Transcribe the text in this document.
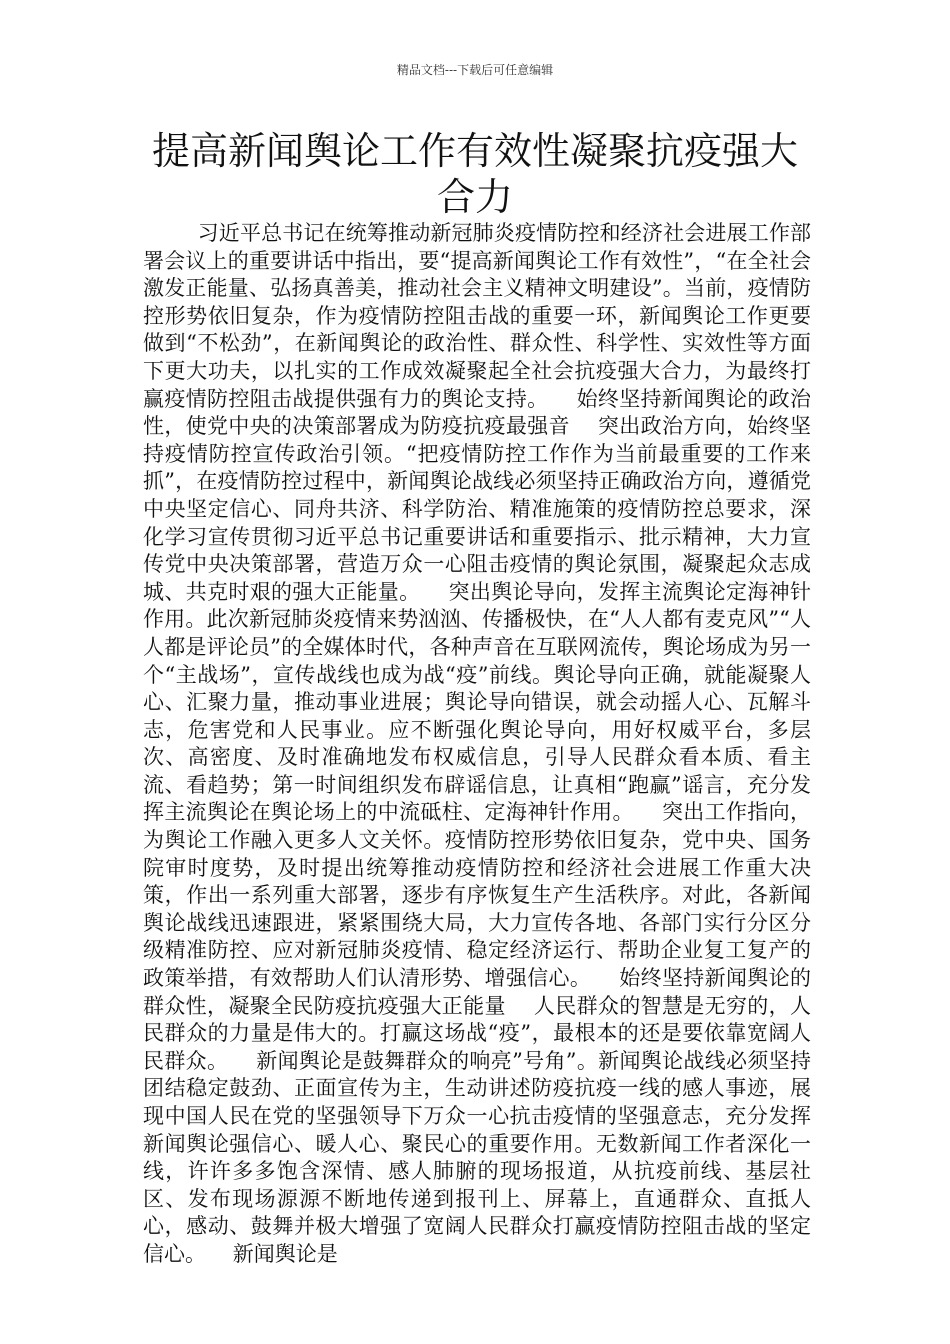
精品文档---下载后可任意编辑
提高新闻舆论工作有效性凝聚抗疫强大合力

习近平总书记在统筹推动新冠肺炎疫情防控和经济社会进展工作部署会议上的重要讲话中指出，要“提高新闻舆论工作有效性”，“在全社会激发正能量、弘扬真善美，推动社会主义精神文明建设”。当前，疫情防控形势依旧复杂，作为疫情防控阻击战的重要一环，新闻舆论工作更要做到“不松劲”，在新闻舆论的政治性、群众性、科学性、实效性等方面下更大功夫，以扎实的工作成效凝聚起全社会抗疫强大合力，为最终打赢疫情防控阻击战提供强有力的舆论支持。    始终坚持新闻舆论的政治性，使党中央的决策部署成为防疫抗疫最强音    突出政治方向，始终坚持疫情防控宣传政治引领。“把疫情防控工作作为当前最重要的工作来抓”，在疫情防控过程中，新闻舆论战线必须坚持正确政治方向，遵循党中央坚定信心、同舟共济、科学防治、精准施策的疫情防控总要求，深化学习宣传贯彻习近平总书记重要讲话和重要指示、批示精神，大力宣传党中央决策部署，营造万众一心阻击疫情的舆论氛围，凝聚起众志成城、共克时艰的强大正能量。    突出舆论导向，发挥主流舆论定海神针作用。此次新冠肺炎疫情来势汹汹、传播极快，在“人人都有麦克风”“人人都是评论员”的全媒体时代，各种声音在互联网流传，舆论场成为另一个“主战场”，宣传战线也成为战“疫”前线。舆论导向正确，就能凝聚人心、汇聚力量，推动事业进展；舆论导向错误，就会动摇人心、瓦解斗志，危害党和人民事业。应不断强化舆论导向，用好权威平台，多层次、高密度、及时准确地发布权威信息，引导人民群众看本质、看主流、看趋势；第一时间组织发布辟谣信息，让真相“跑赢”谣言，充分发挥主流舆论在舆论场上的中流砥柱、定海神针作用。    突出工作指向，为舆论工作融入更多人文关怀。疫情防控形势依旧复杂，党中央、国务院审时度势，及时提出统筹推动疫情防控和经济社会进展工作重大决策，作出一系列重大部署，逐步有序恢复生产生活秩序。对此，各新闻舆论战线迅速跟进，紧紧围绕大局，大力宣传各地、各部门实行分区分级精准防控、应对新冠肺炎疫情、稳定经济运行、帮助企业复工复产的政策举措，有效帮助人们认清形势、增强信心。    始终坚持新闻舆论的群众性，凝聚全民防疫抗疫强大正能量    人民群众的智慧是无穷的，人民群众的力量是伟大的。打赢这场战“疫”，最根本的还是要依靠宽阔人民群众。    新闻舆论是鼓舞群众的响亮”号角”。新闻舆论战线必须坚持团结稳定鼓劲、正面宣传为主，生动讲述防疫抗疫一线的感人事迹，展现中国人民在党的坚强领导下万众一心抗击疫情的坚强意志，充分发挥新闻舆论强信心、暖人心、聚民心的重要作用。无数新闻工作者深化一线，许许多多饱含深情、感人肺腑的现场报道，从抗疫前线、基层社区、发布现场源源不断地传递到报刊上、屏幕上，直通群众、直抵人心，感动、鼓舞并极大增强了宽阔人民群众打赢疫情防控阻击战的坚定信心。    新闻舆论是
